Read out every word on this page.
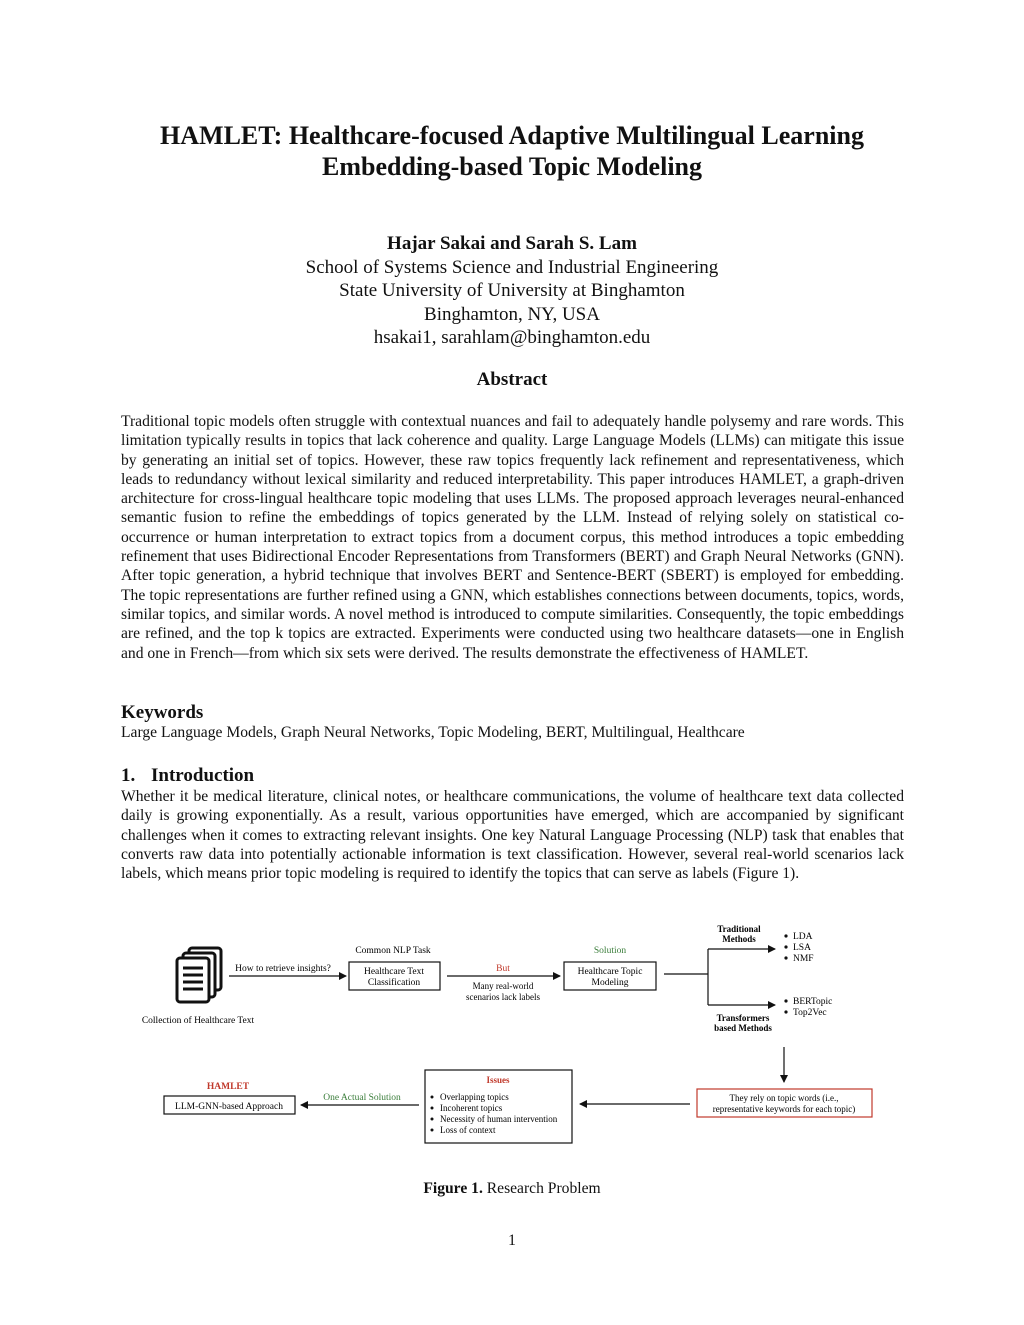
HAMLET: Healthcare-focused Adaptive Multilingual Learning
Embedding-based Topic Modeling
Hajar Sakai and Sarah S. Lam
School of Systems Science and Industrial Engineering
State University of University at Binghamton
Binghamton, NY, USA
hsakai1, sarahlam@binghamton.edu
Abstract
Traditional topic models often struggle with contextual nuances and fail to adequately handle polysemy and rare words. This limitation typically results in topics that lack coherence and quality. Large Language Models (LLMs) can mitigate this issue by generating an initial set of topics. However, these raw topics frequently lack refinement and representativeness, which leads to redundancy without lexical similarity and reduced interpretability. This paper introduces HAMLET, a graph-driven architecture for cross-lingual healthcare topic modeling that uses LLMs. The proposed approach leverages neural-enhanced semantic fusion to refine the embeddings of topics generated by the LLM. Instead of relying solely on statistical co-occurrence or human interpretation to extract topics from a document corpus, this method introduces a topic embedding refinement that uses Bidirectional Encoder Representations from Transformers (BERT) and Graph Neural Networks (GNN). After topic generation, a hybrid technique that involves BERT and Sentence-BERT (SBERT) is employed for embedding. The topic representations are further refined using a GNN, which establishes connections between documents, topics, words, similar topics, and similar words. A novel method is introduced to compute similarities. Consequently, the topic embeddings are refined, and the top k topics are extracted. Experiments were conducted using two healthcare datasets—one in English and one in French—from which six sets were derived. The results demonstrate the effectiveness of HAMLET.
Keywords
Large Language Models, Graph Neural Networks, Topic Modeling, BERT, Multilingual, Healthcare
1. Introduction
Whether it be medical literature, clinical notes, or healthcare communications, the volume of healthcare text data collected daily is growing exponentially. As a result, various opportunities have emerged, which are accompanied by significant challenges when it comes to extracting relevant insights. One key Natural Language Processing (NLP) task that enables that converts raw data into potentially actionable information is text classification. However, several real-world scenarios lack labels, which means prior topic modeling is required to identify the topics that can serve as labels (Figure 1).
Collection of Healthcare Text
How to retrieve insights?
Common NLP Task
Healthcare Text
Classification
But
Many real-world
scenarios lack labels
Solution
Healthcare Topic
Modeling
Traditional
Methods	LDA
LSA
NMF
Transformers
based Methods
BERTopic
Top2Vec
They rely on topic words (i.e.,
representative keywords for each topic)
Issues
Overlapping topics
Incoherent topics
Necessity of human intervention
Loss of context
One Actual Solution
HAMLET
LLM-GNN-based Approach
Figure 1. Research Problem
1
